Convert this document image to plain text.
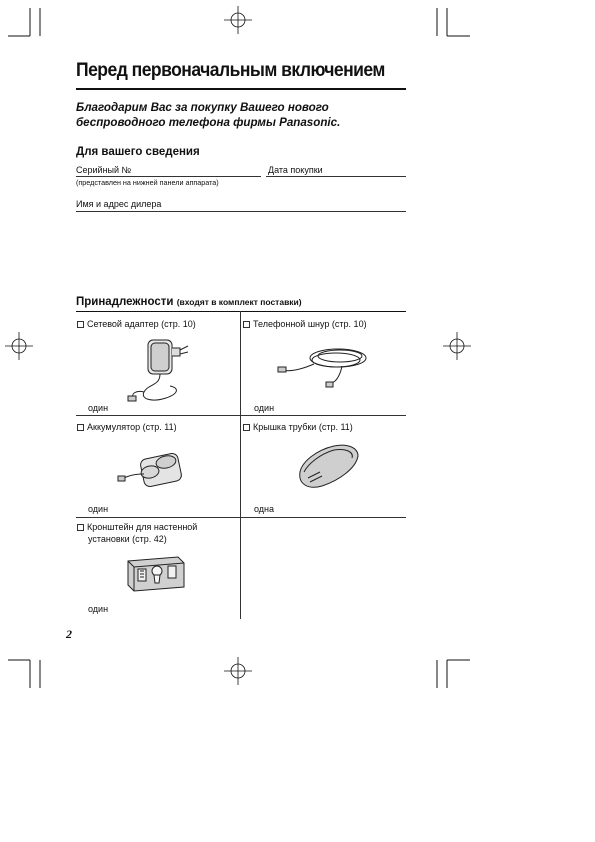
Перед первоначальным включением
Благодарим Вас за покупку Вашего нового
беспроводного телефона фирмы Panasonic.
Для вашего сведения
Серийный №
(представлен на нижней панели аппарата)
Дата покупки
Имя и адрес дилера
Принадлежности (входят в комплект поставки)
Сетевой адаптер (стр. 10)
один
Телефонной шнур (стр. 10)
один
Аккумулятор (стр. 11)
один
Крышка трубки (стр. 11)
одна
Кронштейн для настенной
установки (стр. 42)
один
2
